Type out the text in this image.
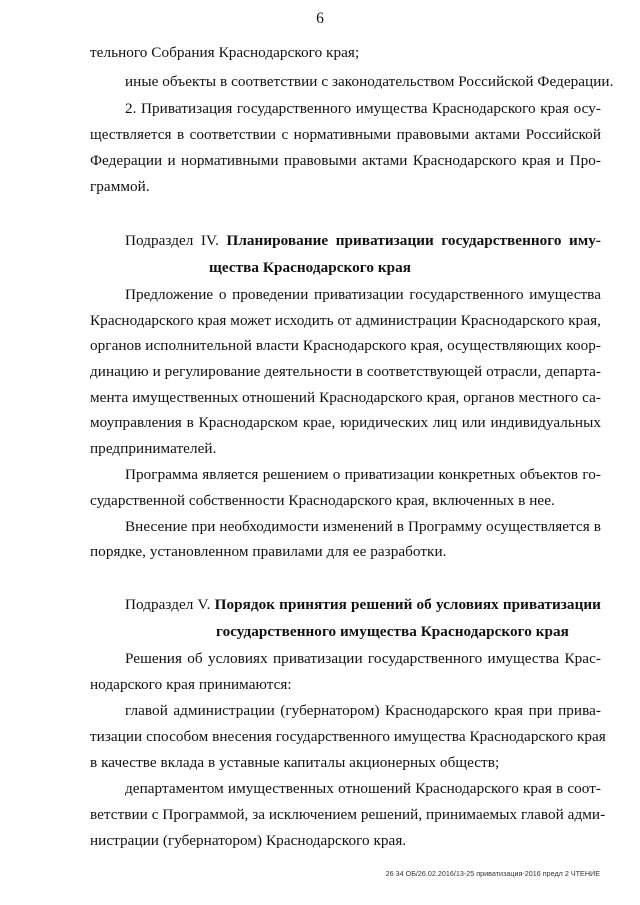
6
тельного Собрания Краснодарского края;
иные объекты в соответствии с законодательством Российской Федерации.
2. Приватизация государственного имущества Краснодарского края осу-
ществляется в соответствии с нормативными правовыми актами Российской
Федерации и нормативными правовыми актами Краснодарского края и Про-
граммой.
Подраздел IV. Планирование приватизации государственного иму-
щества Краснодарского края
Предложение о проведении приватизации государственного имущества
Краснодарского края может исходить от администрации Краснодарского края,
органов исполнительной власти Краснодарского края, осуществляющих коор-
динацию и регулирование деятельности в соответствующей отрасли, департа-
мента имущественных отношений Краснодарского края, органов местного са-
моуправления в Краснодарском крае, юридических лиц или индивидуальных
предпринимателей.
Программа является решением о приватизации конкретных объектов го-
сударственной собственности Краснодарского края, включенных в нее.
Внесение при необходимости изменений в Программу осуществляется в
порядке, установленном правилами для ее разработки.
Подраздел V. Порядок принятия решений об условиях приватизации
государственного имущества Краснодарского края
Решения об условиях приватизации государственного имущества Крас-
нодарского края принимаются:
главой администрации (губернатором) Краснодарского края при прива-
тизации способом внесения государственного имущества Краснодарского края
в качестве вклада в уставные капиталы акционерных обществ;
департаментом имущественных отношений Краснодарского края в соот-
ветствии с Программой, за исключением решений, принимаемых главой адми-
нистрации (губернатором) Краснодарского края.
26 34 ОБ/26.02.2016/13-25 приватизация-2016 предл 2 ЧТЕНИЕ
